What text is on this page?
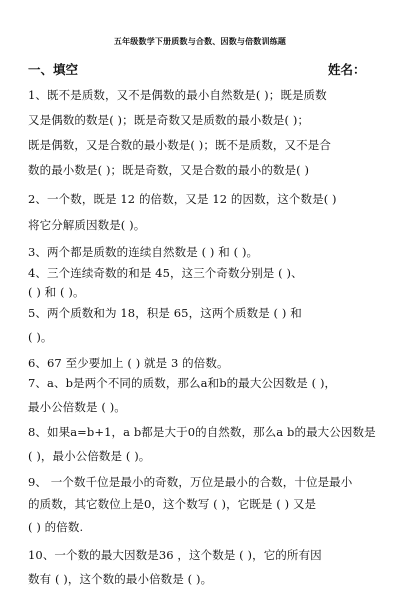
五年级数学下册质数与合数、因数与倍数训练题
一、填空	姓名：
1、既不是质数，又不是偶数的最小自然数是( )；既是质数
又是偶数的数是( )；既是奇数又是质数的最小数是( )；
既是偶数，又是合数的最小数是( )；既不是质数，又不是合
数的最小数是( )；既是奇数，又是合数的最小的数是( )
2、一个数，既是 12 的倍数，又是 12 的因数，这个数是( )
将它分解质因数是( )。
3、两个都是质数的连续自然数是 ( ) 和 ( )。
4、三个连续奇数的和是 45，这三个奇数分别是 ( )、
( ) 和 ( )。
5、两个质数和为 18，积是 65，这两个质数是 ( ) 和
( )。
6、67 至少要加上 ( ) 就是 3 的倍数。
7、a、b是两个不同的质数，那么a和b的最大公因数是 ( )，
最小公倍数是 ( )。
8、如果a=b+1，a b都是大于0的自然数，那么a b的最大公因数是
( )，最小公倍数是 ( )。
9、 一个数千位是最小的奇数，万位是最小的合数，十位是最小
的质数，其它数位上是0，这个数写 ( )，它既是 ( ) 又是
( ) 的倍数.
10、一个数的最大因数是36 ，这个数是 ( )，它的所有因
数有 ( )，这个数的最小倍数是 ( )。
